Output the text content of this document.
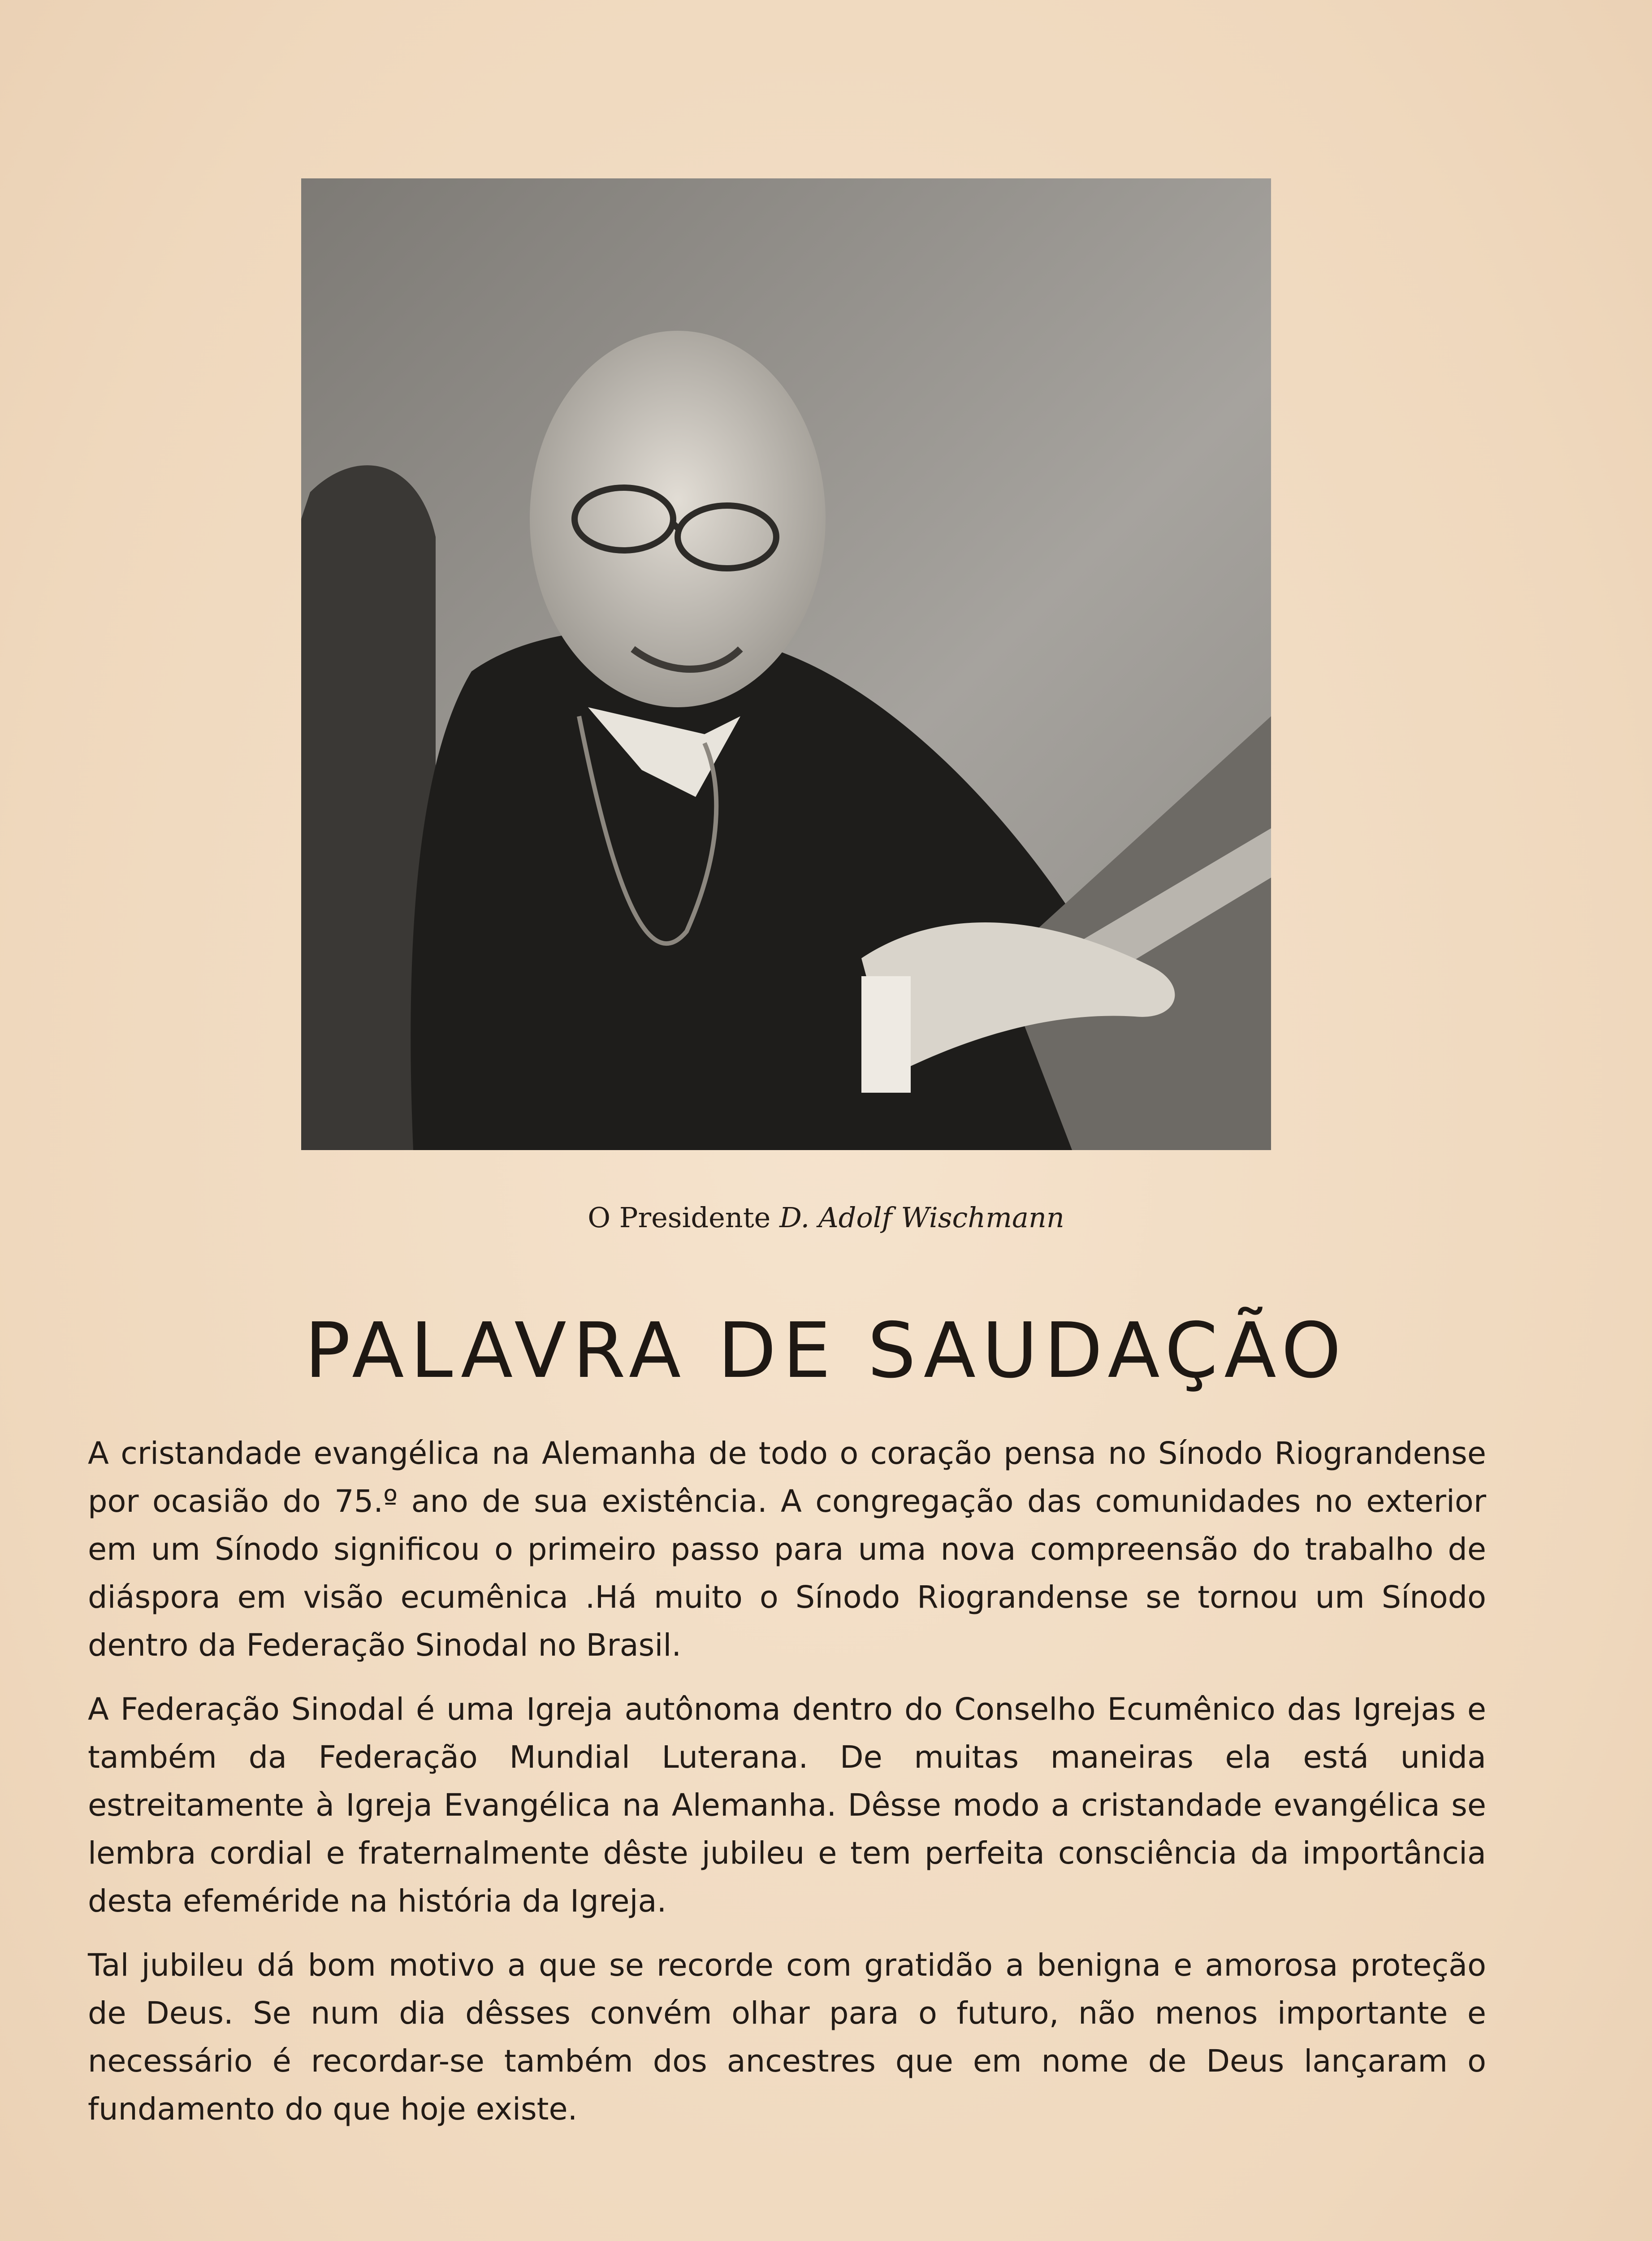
O Presidente D. Adolf Wischmann
PALAVRA DE SAUDAÇÃO

A cristandade evangélica na Alemanha de todo o coração pensa no Sínodo Riograndense por ocasião do 75.º ano de sua existência. A congregação das comunidades no exterior em um Sínodo significou o primeiro passo para uma nova compreensão do trabalho de diáspora em visão ecumênica .Há muito o Sínodo Riograndense se tornou um Sínodo dentro da Federação Sinodal no Brasil.

A Federação Sinodal é uma Igreja autônoma dentro do Conselho Ecumênico das Igrejas e também da Federação Mundial Luterana. De muitas maneiras ela está unida estreitamente à Igreja Evangélica na Alemanha. Dêsse modo a cristandade evangélica se lembra cordial e fraternalmente dêste jubileu e tem perfeita consciência da importância desta efeméride na história da Igreja.

Tal jubileu dá bom motivo a que se recorde com gratidão a benigna e amorosa proteção de Deus. Se num dia dêsses convém olhar para o futuro, não menos importante e necessário é recordar-se também dos ancestres que em nome de Deus lançaram o fundamento do que hoje existe.
